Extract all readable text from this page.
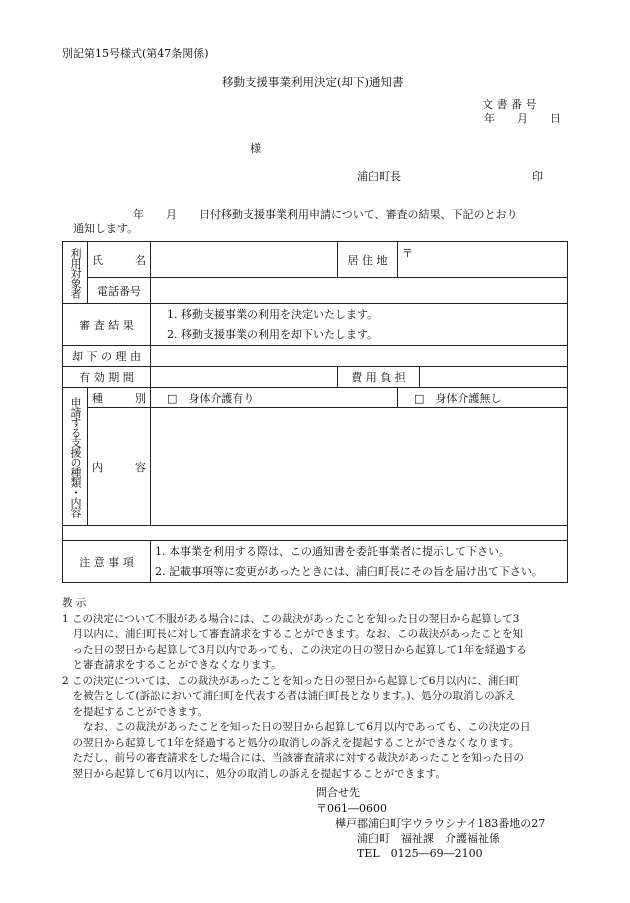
別記第15号様式(第47条関係)
移動支援事業利用決定(却下)通知書
文 書 番 号
年　　月　　日
様
浦臼町長	印
年　　月　　日付移動支援事業利用申請について、審査の結果、下記のとおり
通知します。
利用対象者	氏　　名		居 住 地	〒	
	電話番号				
審 査 結 果		1. 移動支援事業の利用を決定いたします。
2. 移動支援事業の利用を却下いたします。			

却 下 の 理 由					
有 効 期 間			費 用 負 担		
申請する支援の種類・内容	種　　別	□　身体介護有り		□　身体介護無し	
	内　　容				

注 意 事 項		1. 本事業を利用する際は、この通知書を委託事業者に提示して下さい。
2. 記載事項等に変更があったときには、浦臼町長にその旨を届け出て下さい。			
教 示
1 この決定について不服がある場合には、この裁決があったことを知った日の翌日から起算して3
　月以内に、浦臼町長に対して審査請求をすることができます。なお、この裁決があったことを知
　った日の翌日から起算して3月以内であっても、この決定の日の翌日から起算して1年を経過する
　と審査請求をすることができなくなります。
2 この決定については、この裁決があったことを知った日の翌日から起算して6月以内に、浦臼町
　を被告として(訴訟において浦臼町を代表する者は浦臼町長となります。)、処分の取消しの訴え
　を提起することができます。
　　なお、この裁決があったことを知った日の翌日から起算して6月以内であっても、この決定の日
　の翌日から起算して1年を経過すると処分の取消しの訴えを提起することができなくなります。
　ただし、前号の審査請求をした場合には、当該審査請求に対する裁決があったことを知った日の
　翌日から起算して6月以内に、処分の取消しの訴えを提起することができます。
問合せ先
〒061―0600
樺戸郡浦臼町字ウラウシナイ183番地の27
浦臼町　福祉課　介護福祉係
TEL　0125―69―2100
